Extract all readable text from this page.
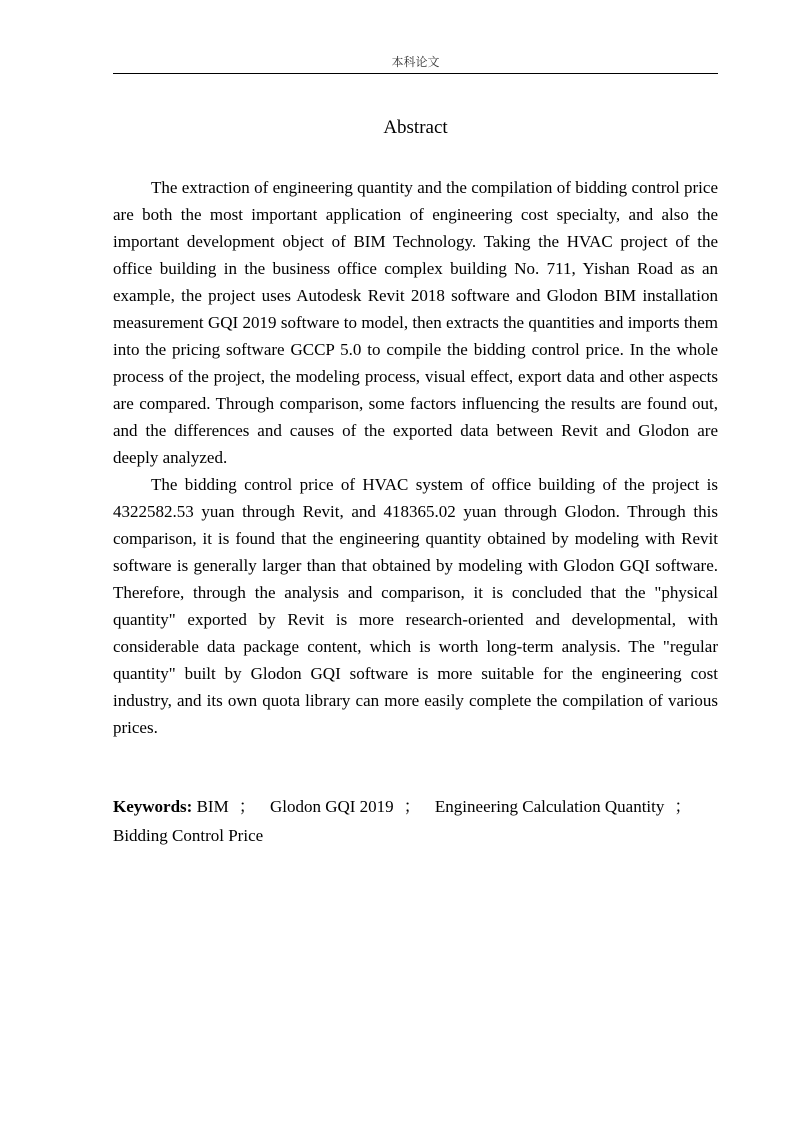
本科论文
Abstract

The extraction of engineering quantity and the compilation of bidding control price are both the most important application of engineering cost specialty, and also the important development object of BIM Technology. Taking the HVAC project of the office building in the business office complex building No. 711, Yishan Road as an example, the project uses Autodesk Revit 2018 software and Glodon BIM installation measurement GQI 2019 software to model, then extracts the quantities and imports them into the pricing software GCCP 5.0 to compile the bidding control price. In the whole process of the project, the modeling process, visual effect, export data and other aspects are compared. Through comparison, some factors influencing the results are found out, and the differences and causes of the exported data between Revit and Glodon are deeply analyzed.

The bidding control price of HVAC system of office building of the project is 4322582.53 yuan through Revit, and 418365.02 yuan through Glodon. Through this comparison, it is found that the engineering quantity obtained by modeling with Revit software is generally larger than that obtained by modeling with Glodon GQI software. Therefore, through the analysis and comparison, it is concluded that the "physical quantity" exported by Revit is more research-oriented and developmental, with considerable data package content, which is worth long-term analysis. The "regular quantity" built by Glodon GQI software is more suitable for the engineering cost industry, and its own quota library can more easily complete the compilation of various prices.

Keywords: BIM ； Glodon GQI 2019 ； Engineering Calculation Quantity ；
Bidding Control Price
